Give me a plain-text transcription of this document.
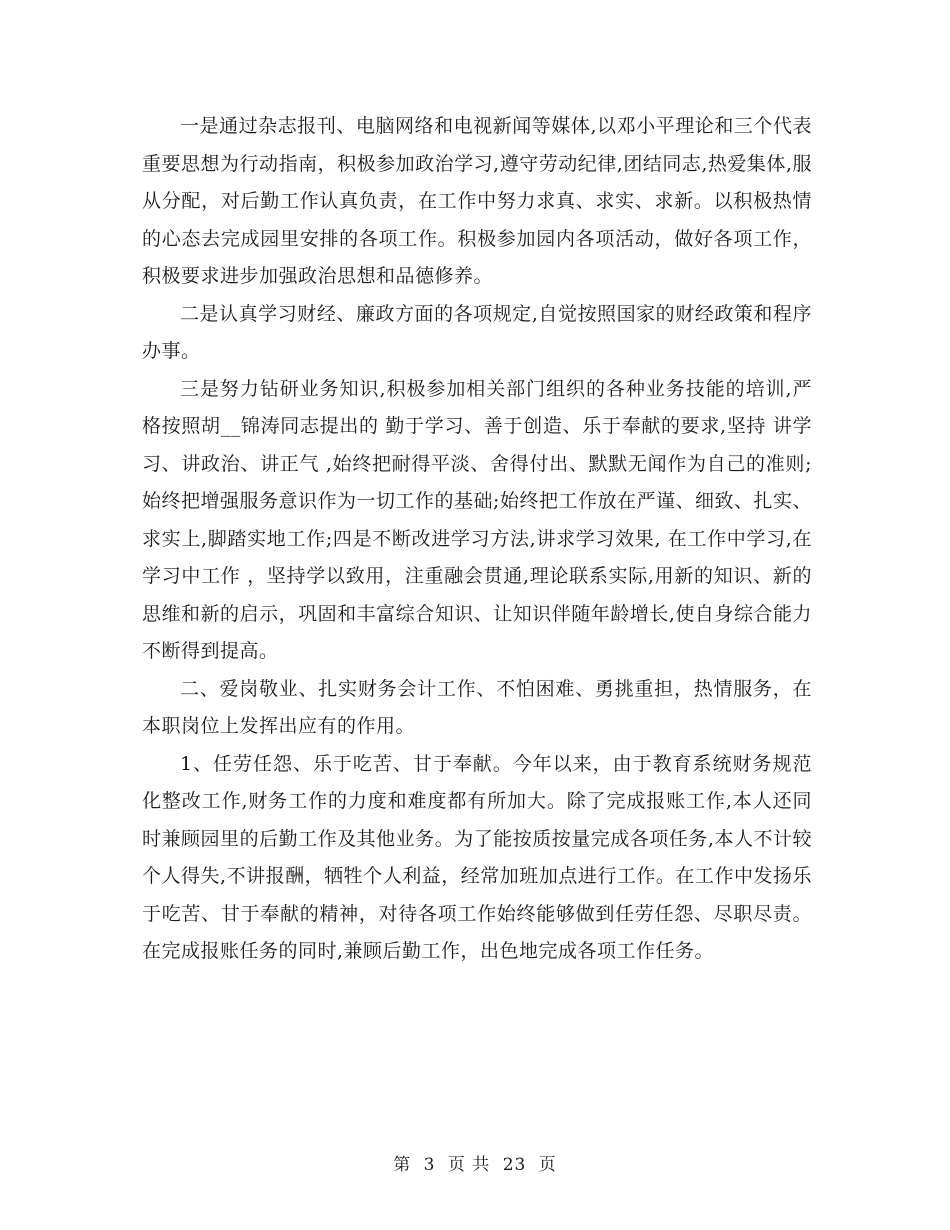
一是通过杂志报刊、电脑网络和电视新闻等媒体,以邓小平理论和三个代表 重要思想为行动指南，积极参加政治学习,遵守劳动纪律,团结同志,热爱集体,服从分配，对后勤工作认真负责，在工作中努力求真、求实、求新。以积极热情的心态去完成园里安排的各项工作。积极参加园内各项活动，做好各项工作，积极要求进步加强政治思想和品德修养。

二是认真学习财经、廉政方面的各项规定,自觉按照国家的财经政策和程序办事。

三是努力钻研业务知识,积极参加相关部门组织的各种业务技能的培训,严格按照胡__锦涛同志提出的 勤于学习、善于创造、乐于奉献的要求,坚持 讲学习、讲政治、讲正气 ,始终把耐得平淡、舍得付出、默默无闻作为自己的准则;始终把增强服务意识作为一切工作的基础;始终把工作放在严谨、细致、扎实、求实上,脚踏实地工作;四是不断改进学习方法,讲求学习效果, 在工作中学习,在学习中工作 ，坚持学以致用，注重融会贯通,理论联系实际,用新的知识、新的思维和新的启示，巩固和丰富综合知识、让知识伴随年龄增长,使自身综合能力不断得到提高。

二、爱岗敬业、扎实财务会计工作、不怕困难、勇挑重担，热情服务，在本职岗位上发挥出应有的作用。

1、任劳任怨、乐于吃苦、甘于奉献。今年以来，由于教育系统财务规范化整改工作,财务工作的力度和难度都有所加大。除了完成报账工作,本人还同时兼顾园里的后勤工作及其他业务。为了能按质按量完成各项任务,本人不计较个人得失,不讲报酬，牺牲个人利益，经常加班加点进行工作。在工作中发扬乐于吃苦、甘于奉献的精神，对待各项工作始终能够做到任劳任怨、尽职尽责。在完成报账任务的同时,兼顾后勤工作，出色地完成各项工作任务。

第 3 页 共 23 页
